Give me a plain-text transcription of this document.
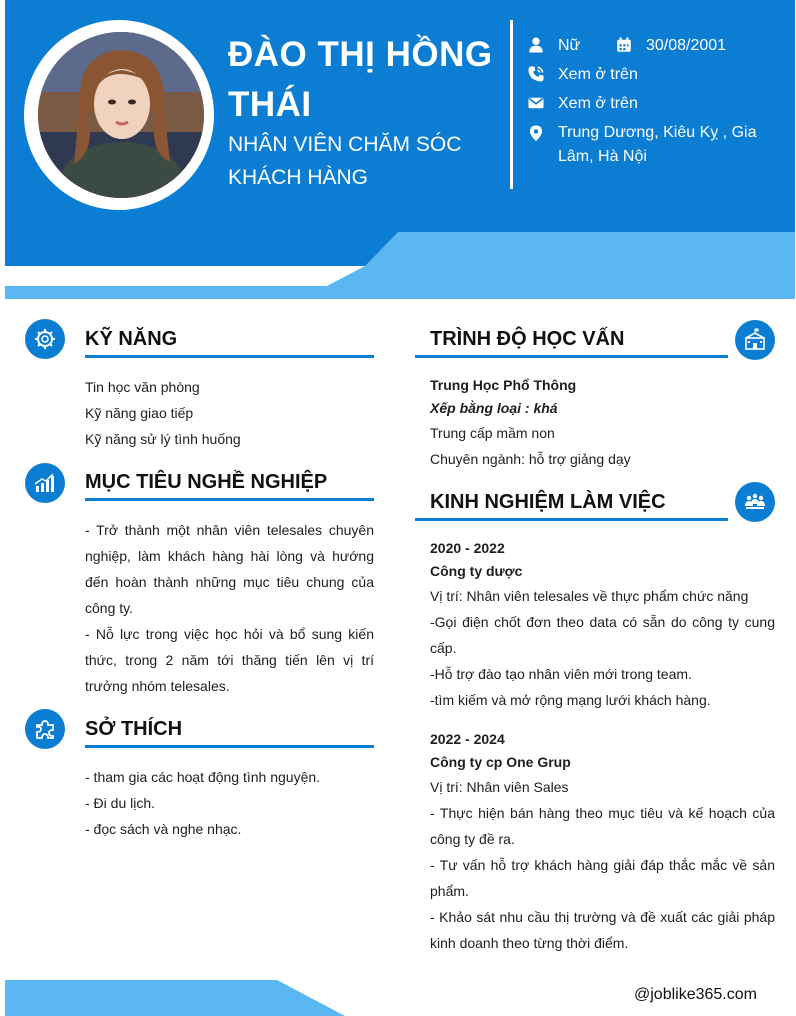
ĐÀO THỊ HỒNG THÁI
NHÂN VIÊN CHĂM SÓC KHÁCH HÀNG
Nữ	30/08/2001
Xem ở trên
Xem ở trên
Trung Dương, Kiêu Kỵ , Gia Lâm, Hà Nội
KỸ NĂNG
Tin học văn phòng
Kỹ năng giao tiếp
Kỹ năng sử lý tình huống
MỤC TIÊU NGHỀ NGHIỆP
- Trở thành một nhân viên telesales chuyên nghiệp, làm khách hàng hài lòng và hướng đến hoàn thành những mục tiêu chung của công ty.
- Nỗ lực trong việc học hỏi và bổ sung kiến thức, trong 2 năm tới thăng tiến lên vị trí trưởng nhóm telesales.
SỞ THÍCH
- tham gia các hoạt động tình nguyện.
- Đi du lịch.
- đọc sách và nghe nhạc.
TRÌNH ĐỘ HỌC VẤN
Trung Học Phổ Thông
Xếp bằng loại : khá
Trung cấp mầm non
Chuyên ngành: hỗ trợ giảng dạy
KINH NGHIỆM LÀM VIỆC
2020 - 2022
Công ty dược
Vị trí: Nhân viên telesales về thực phẩm chức năng
-Gọi điện chốt đơn theo data có sẵn do công ty cung cấp.
-Hỗ trợ đào tạo nhân viên mới trong team.
-tìm kiếm và mở rộng mạng lưới khách hàng.
2022 - 2024
Công ty cp One Grup
Vị trí: Nhân viên Sales
- Thực hiện bán hàng theo mục tiêu và kế hoạch của công ty đề ra.
- Tư vấn hỗ trợ khách hàng giải đáp thắc mắc về sản phẩm.
- Khảo sát nhu cầu thị trường và đề xuất các giải pháp kinh doanh theo từng thời điểm.
@joblike365.com
